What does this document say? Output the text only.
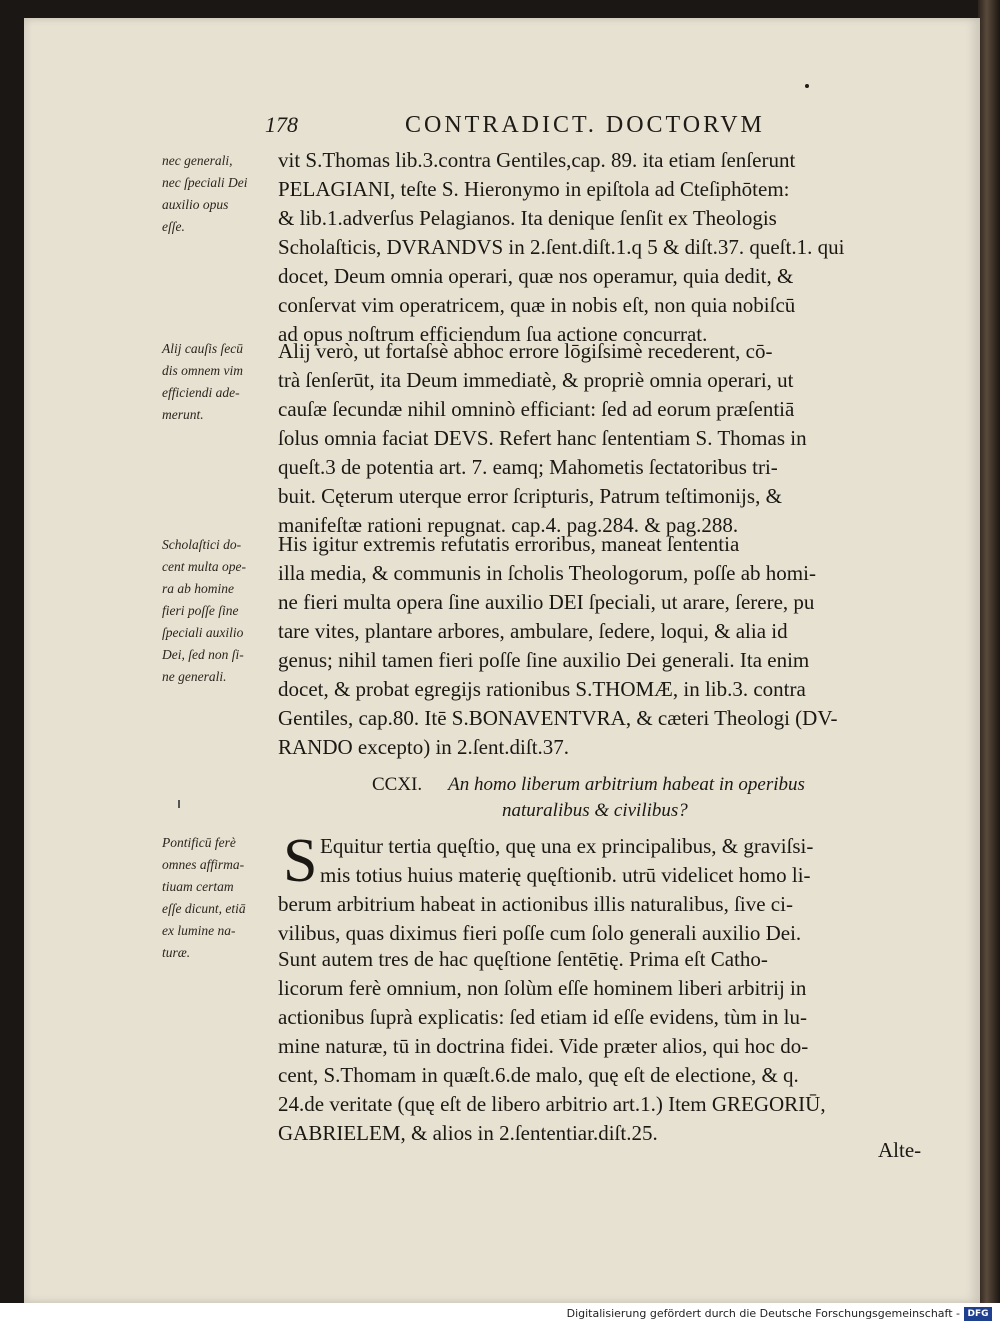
178	CONTRADICT. DOCTORVM
nec generali,
nec ſpeciali Dei
auxilio opus
eſſe.
Alij cauſis ſecū
dis omnem vim
efficiendi ade-
merunt.
Scholaſtici do-
cent multa ope-
ra ab homine
fieri poſſe ſine
ſpeciali auxilio
Dei, ſed non ſi-
ne generali.
Pontificū ferè
omnes affirma-
tiuam certam
eſſe dicunt, etiā
ex lumine na-
turæ.
vit S.Thomas lib.3.contra Gentiles,cap. 89. ita etiam ſenſerunt
PELAGIANI, teſte S. Hieronymo in epiſtola ad Cteſiphōtem:
& lib.1.adverſus Pelagianos. Ita denique ſenſit ex Theologis
Scholaſticis, DVRANDVS in 2.ſent.diſt.1.q 5 & diſt.37. queſt.1. qui
docet, Deum omnia operari, quæ nos operamur, quia dedit, &
conſervat vim operatricem, quæ in nobis eſt, non quia nobiſcū
ad opus noſtrum efficiendum ſua actione concurrat.
Alij verò, ut fortaſsè abhoc errore lōgiſsimè recederent, cō-
trà ſenſerūt, ita Deum immediatè, & propriè omnia operari, ut
cauſæ ſecundæ nihil omninò efficiant: ſed ad eorum præſentiā
ſolus omnia faciat DEVS. Refert hanc ſententiam S. Thomas in
queſt.3 de potentia art. 7. eamq; Mahometis ſectatoribus tri-
buit. Cęterum uterque error ſcripturis, Patrum teſtimonijs, &
manifeſtæ rationi repugnat. cap.4. pag.284. & pag.288.
His igitur extremis refutatis erroribus, maneat ſententia
illa media, & communis in ſcholis Theologorum, poſſe ab homi-
ne fieri multa opera ſine auxilio DEI ſpeciali, ut arare, ſerere, pu
tare vites, plantare arbores, ambulare, ſedere, loqui, & alia id
genus; nihil tamen fieri poſſe ſine auxilio Dei generali. Ita enim
docet, & probat egregijs rationibus S.THOMÆ, in lib.3. contra
Gentiles, cap.80. Itē S.BONAVENTVRA, & cæteri Theologi (DV-
RANDO excepto) in 2.ſent.diſt.37.
CCXI. An homo liberum arbitrium habeat in operibus
naturalibus & civilibus?
S Equitur tertia quęſtio, quę una ex principalibus, & graviſsi-
mis totius huius materię quęſtionib. utrū videlicet homo li-
berum arbitrium habeat in actionibus illis naturalibus, ſive ci-
vilibus, quas diximus fieri poſſe cum ſolo generali auxilio Dei.
Sunt autem tres de hac quęſtione ſentētię. Prima eſt Catho-
licorum ferè omnium, non ſolùm eſſe hominem liberi arbitrij in
actionibus ſuprà explicatis: ſed etiam id eſſe evidens, tùm in lu-
mine naturæ, tū in doctrina fidei. Vide præter alios, qui hoc do-
cent, S.Thomam in quæſt.6.de malo, quę eſt de electione, & q.
24.de veritate (quę eſt de libero arbitrio art.1.) Item GREGORIŪ,
GABRIELEM, & alios in 2.ſententiar.diſt.25.
Alte-
Digitalisierung gefördert durch die Deutsche Forschungsgemeinschaft - DFG
